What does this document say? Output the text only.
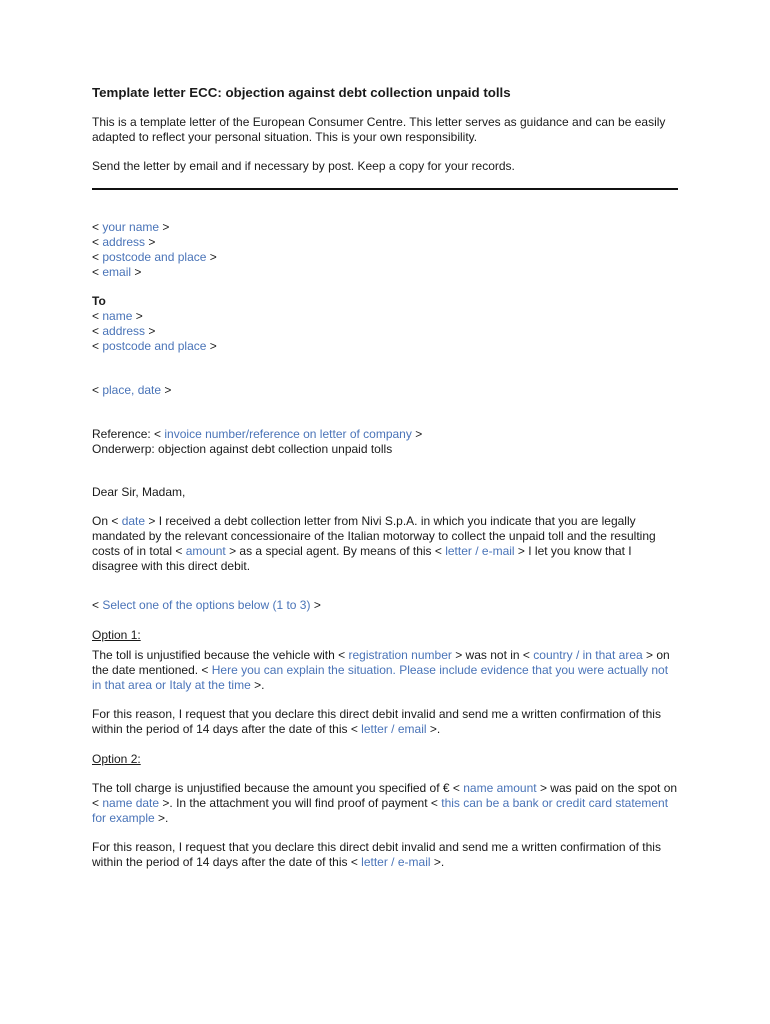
Template letter ECC: objection against debt collection unpaid tolls

This is a template letter of the European Consumer Centre. This letter serves as guidance and can be easily adapted to reflect your personal situation. This is your own responsibility.

Send the letter by email and if necessary by post. Keep a copy for your records.

< your name >
< address >
< postcode and place >
< email >
To
< name >
< address >
< postcode and place >
< place, date >
Reference: < invoice number/reference on letter of company >
Onderwerp: objection against debt collection unpaid tolls
Dear Sir, Madam,

On < date > I received a debt collection letter from Nivi S.p.A. in which you indicate that you are legally mandated by the relevant concessionaire of the Italian motorway to collect the unpaid toll and the resulting costs of in total < amount > as a special agent. By means of this < letter / e-mail > I let you know that I disagree with this direct debit.

< Select one of the options below (1 to 3) >
Option 1:

The toll is unjustified because the vehicle with < registration number > was not in < country / in that area > on the date mentioned. < Here you can explain the situation. Please include evidence that you were actually not in that area or Italy at the time >.

For this reason, I request that you declare this direct debit invalid and send me a written confirmation of this within the period of 14 days after the date of this < letter / email >.

Option 2:

The toll charge is unjustified because the amount you specified of € < name amount > was paid on the spot on < name date >. In the attachment you will find proof of payment < this can be a bank or credit card statement for example >.

For this reason, I request that you declare this direct debit invalid and send me a written confirmation of this within the period of 14 days after the date of this < letter / e-mail >.
